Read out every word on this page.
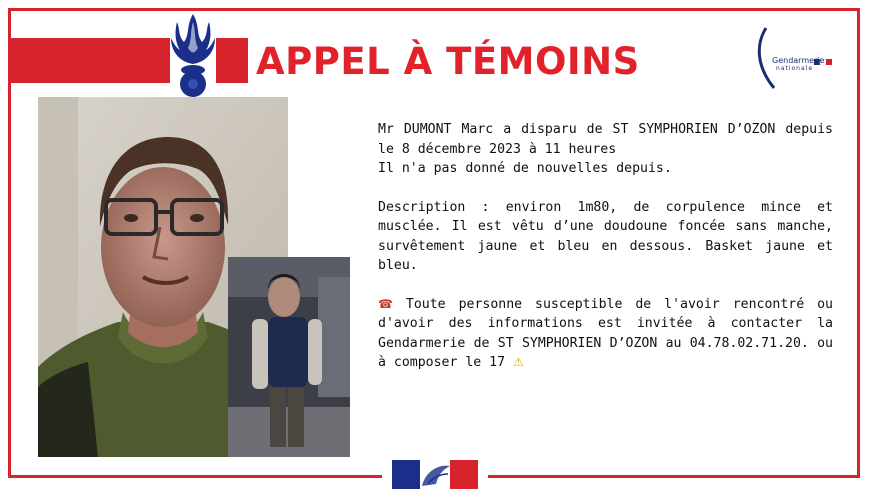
APPEL À TÉMOINS	Gendarmerie
nationale

Mr DUMONT Marc a disparu de ST SYMPHORIEN D’OZON depuis le 8 décembre 2023 à 11 heures
Il n'a pas donné de nouvelles depuis.

Description : environ 1m80, de corpulence mince et musclée. Il est vêtu d’une doudoune foncée sans manche, survêtement jaune et bleu en dessous. Basket jaune et bleu.

☎ Toute personne susceptible de l'avoir rencontré ou d'avoir des informations est invitée à contacter la Gendarmerie de ST SYMPHORIEN D’OZON au 04.78.02.71.20. ou à composer le 17 ⚠
